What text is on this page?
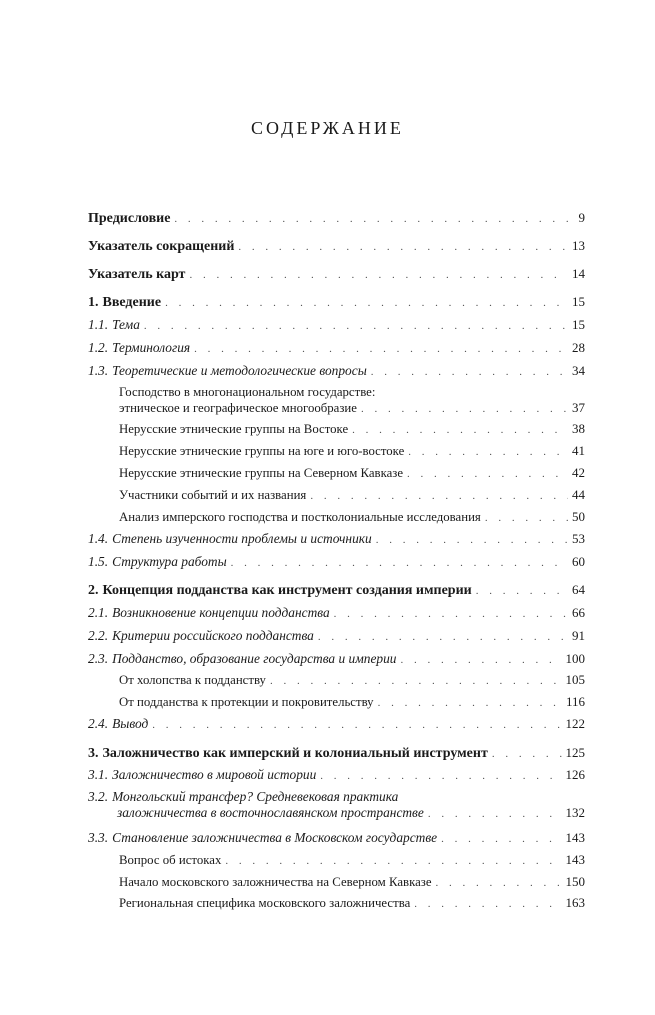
СОДЕРЖАНИЕ
Предисловие . . .	9
Указатель сокращений . . .	13
Указатель карт . . .	14
1. Введение . . .	15
1.1. Тема . . .	15
1.2. Терминология . . .	28
1.3. Теоретические и методологические вопросы . . .	34
Господство в многонациональном государстве:
этническое и географическое многообразие . . .	37
Нерусские этнические группы на Востоке . . .	38
Нерусские этнические группы на юге и юго-востоке . . .	41
Нерусские этнические группы на Северном Кавказе . . .	42
Участники событий и их названия . . .	44
Анализ имперского господства и постколониальные исследования . . .	50
1.4. Степень изученности проблемы и источники . . .	53
1.5. Структура работы . . .	60
2. Концепция подданства как инструмент создания империи . . .	64
2.1. Возникновение концепции подданства . . .	66
2.2. Критерии российского подданства . . .	91
2.3. Подданство, образование государства и империи . . .	100
От холопства к подданству . . .	105
От подданства к протекции и покровительству . . .	116
2.4. Вывод . . .	122
3. Заложничество как имперский и колониальный инструмент . . .	125
3.1. Заложничество в мировой истории . . .	126
3.2. Монгольский трансфер? Средневековая практика
заложничества в восточнославянском пространстве . . .	132
3.3. Становление заложничества в Московском государстве . . .	143
Вопрос об истоках . . .	143
Начало московского заложничества на Северном Кавказе . . .	150
Региональная специфика московского заложничества . . .	163
